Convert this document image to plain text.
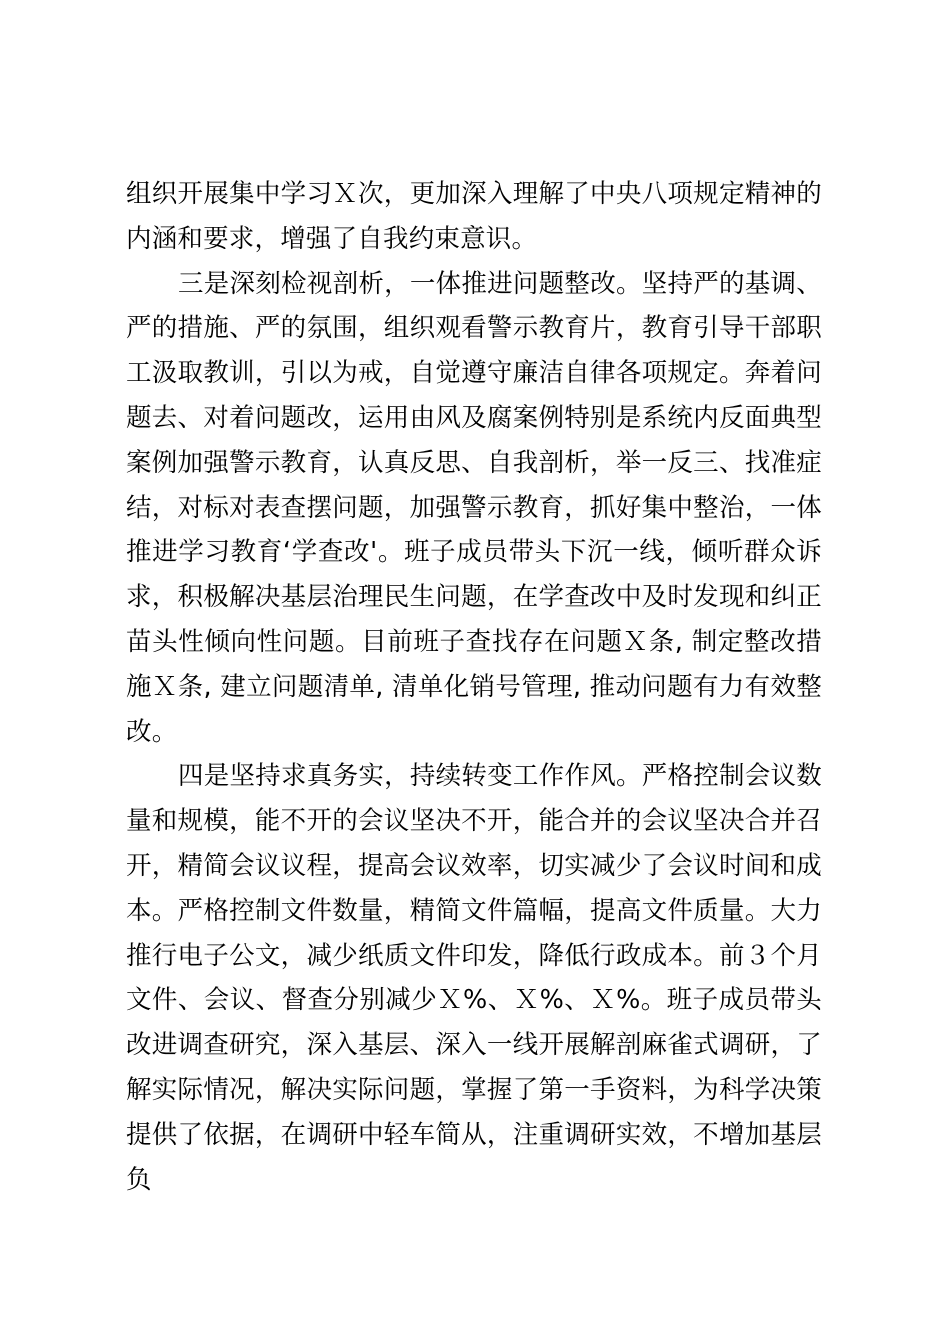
组织开展集中学习Ｘ次，更加深入理解了中央八项规定精神的内涵和要求，增强了自我约束意识。

三是深刻检视剖析，一体推进问题整改。坚持严的基调、严的措施、严的氛围，组织观看警示教育片，教育引导干部职工汲取教训，引以为戒，自觉遵守廉洁自律各项规定。奔着问题去、对着问题改，运用由风及腐案例特别是系统内反面典型案例加强警示教育，认真反思、自我剖析，举一反三、找准症结，对标对表查摆问题，加强警示教育，抓好集中整治，一体推进学习教育‘学查改'。班子成员带头下沉一线，倾听群众诉求，积极解决基层治理民生问题，在学查改中及时发现和纠正苗头性倾向性问题。目前班子查找存在问题Ｘ条, 制定整改措施Ｘ条, 建立问题清单, 清单化销号管理, 推动问题有力有效整改。

四是坚持求真务实，持续转变工作作风。严格控制会议数量和规模，能不开的会议坚决不开，能合并的会议坚决合并召开，精简会议议程，提高会议效率，切实减少了会议时间和成本。严格控制文件数量，精简文件篇幅，提高文件质量。大力推行电子公文，减少纸质文件印发，降低行政成本。前３个月文件、会议、督查分别减少Ｘ%、Ｘ%、Ｘ%。班子成员带头改进调查研究，深入基层、深入一线开展解剖麻雀式调研，了解实际情况，解决实际问题，掌握了第一手资料，为科学决策提供了依据，在调研中轻车简从，注重调研实效，不增加基层负
